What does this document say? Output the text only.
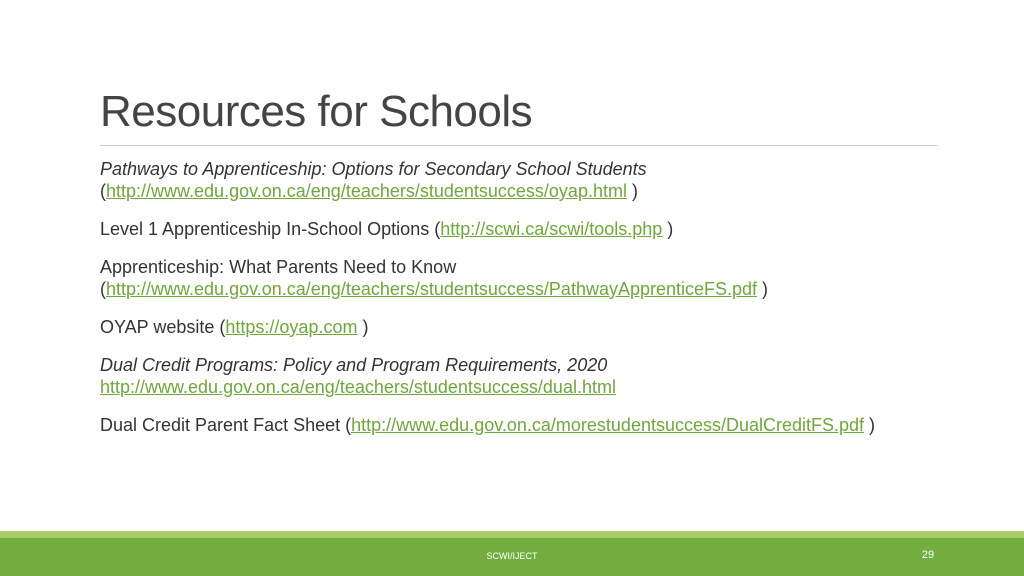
Resources for Schools

Pathways to Apprenticeship: Options for Secondary School Students

(http://www.edu.gov.on.ca/eng/teachers/studentsuccess/oyap.html )

Level 1 Apprenticeship In-School Options (http://scwi.ca/scwi/tools.php )

Apprenticeship: What Parents Need to Know

(http://www.edu.gov.on.ca/eng/teachers/studentsuccess/PathwayApprenticeFS.pdf )

OYAP website (https://oyap.com )

Dual Credit Programs: Policy and Program Requirements, 2020

http://www.edu.gov.on.ca/eng/teachers/studentsuccess/dual.html

Dual Credit Parent Fact Sheet (http://www.edu.gov.on.ca/morestudentsuccess/DualCreditFS.pdf )

SCWI/IJECT	29
